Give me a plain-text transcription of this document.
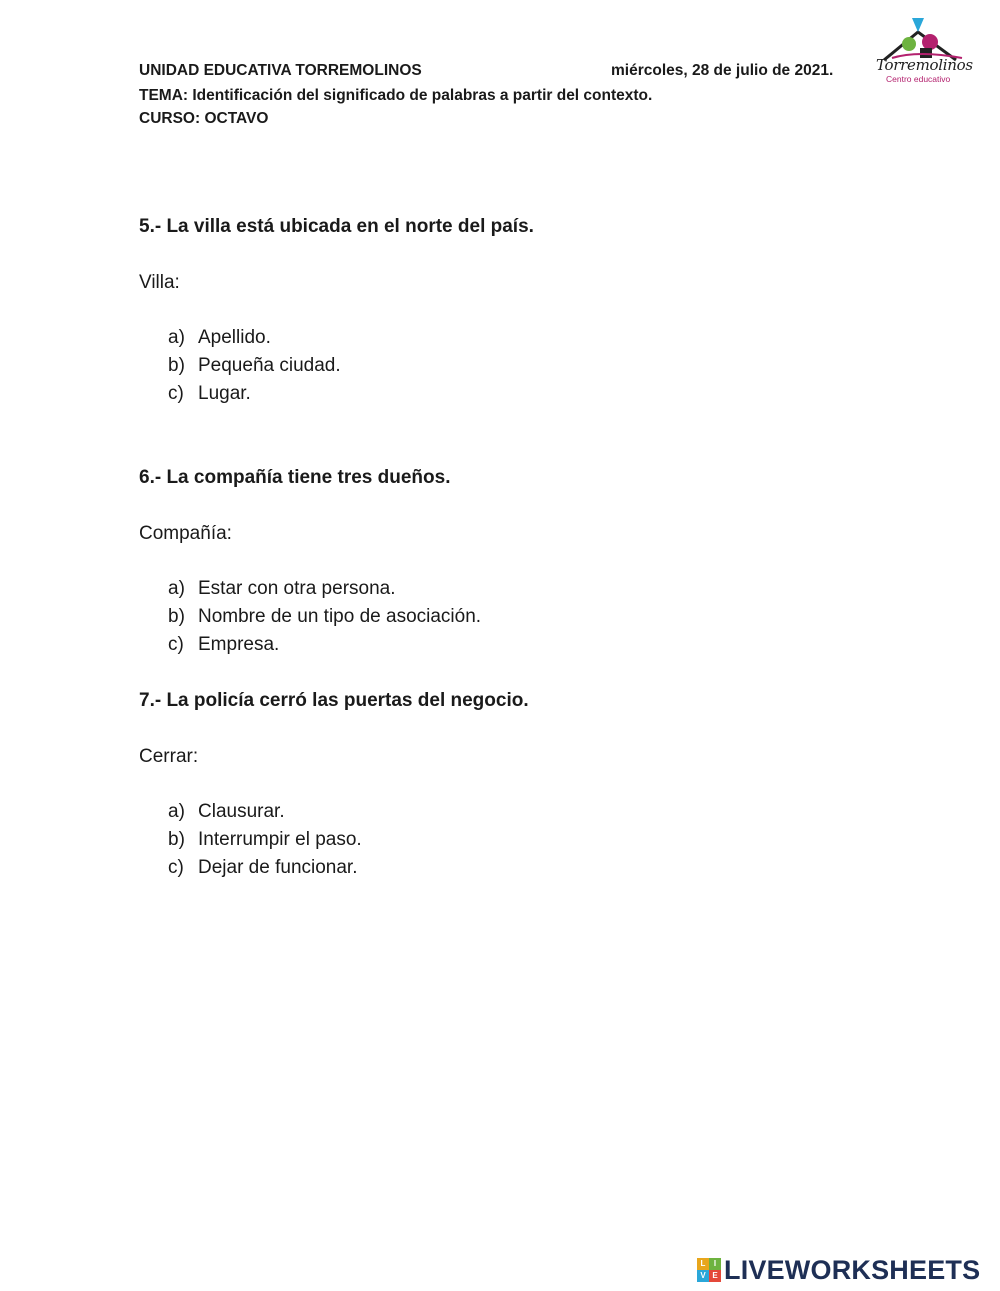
UNIDAD EDUCATIVA TORREMOLINOS	miércoles, 28 de julio de 2021.
TEMA: Identificación del significado de palabras a partir del contexto.
CURSO: OCTAVO
Torremolinos
Centro educativo
5.- La villa está ubicada en el norte del país.
Villa:
a) Apellido.
b) Pequeña ciudad.
c) Lugar.
6.- La compañía tiene tres dueños.
Compañía:
a) Estar con otra persona.
b) Nombre de un tipo de asociación.
c) Empresa.
7.- La policía cerró las puertas del negocio.
Cerrar:
a) Clausurar.
b) Interrumpir el paso.
c) Dejar de funcionar.
L	I
V E LIVEWORKSHEETS
